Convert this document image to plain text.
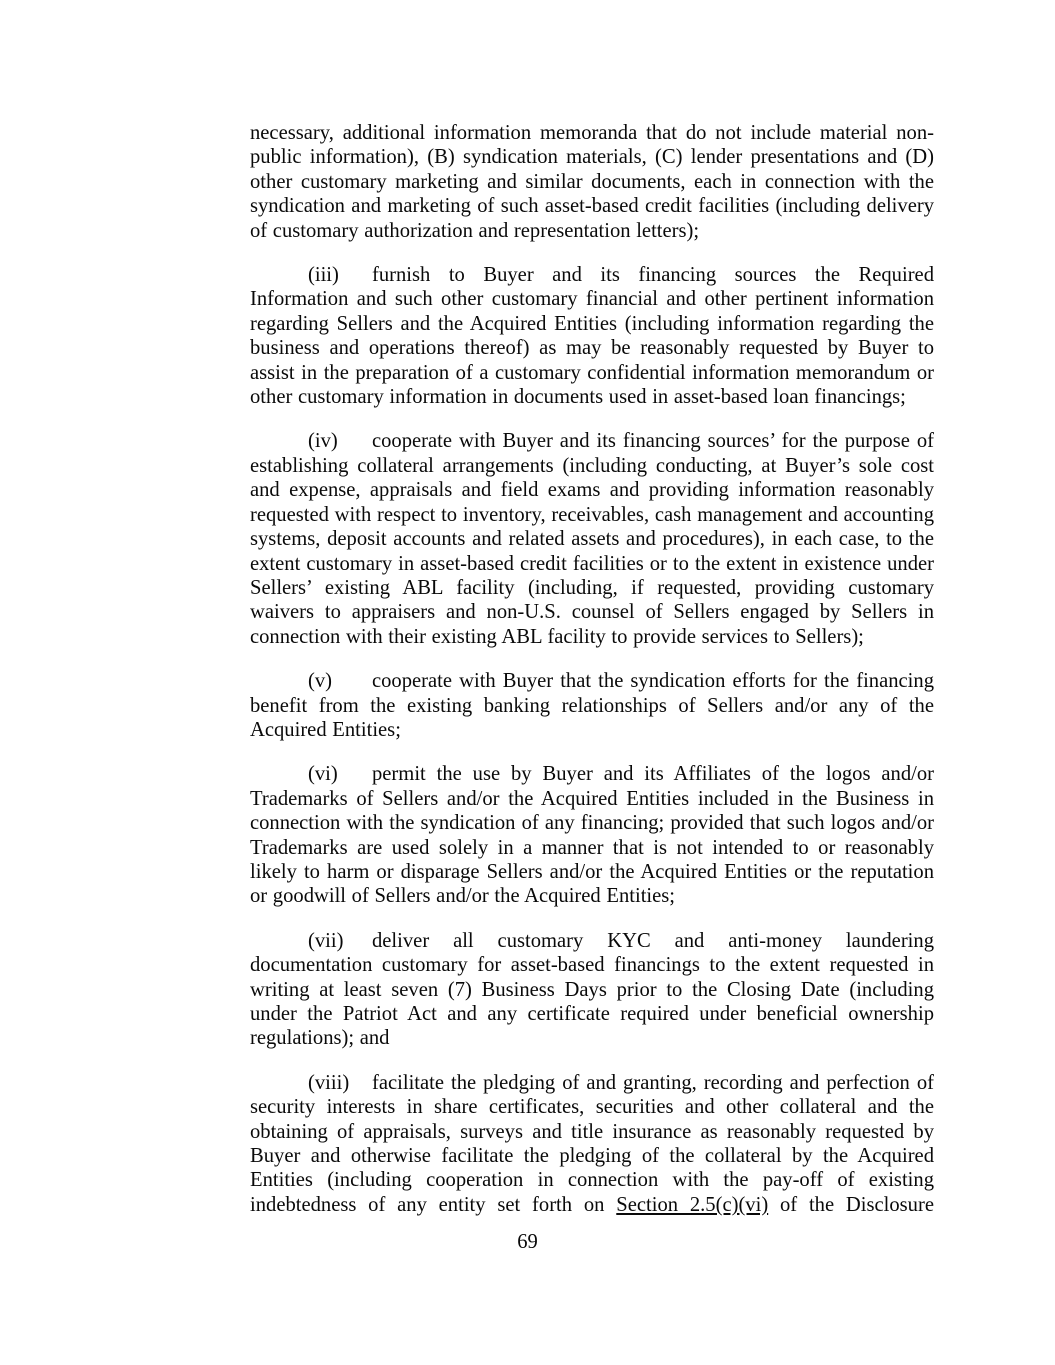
necessary, additional information memoranda that do not include material non-public information), (B) syndication materials, (C) lender presentations and (D) other customary marketing and similar documents, each in connection with the syndication and marketing of such asset-based credit facilities (including delivery of customary authorization and representation letters);

(iii) furnish to Buyer and its financing sources the Required Information and such other customary financial and other pertinent information regarding Sellers and the Acquired Entities (including information regarding the business and operations thereof) as may be reasonably requested by Buyer to assist in the preparation of a customary confidential information memorandum or other customary information in documents used in asset-based loan financings;

(iv) cooperate with Buyer and its financing sources’ for the purpose of establishing collateral arrangements (including conducting, at Buyer’s sole cost and expense, appraisals and field exams and providing information reasonably requested with respect to inventory, receivables, cash management and accounting systems, deposit accounts and related assets and procedures), in each case, to the extent customary in asset-based credit facilities or to the extent in existence under Sellers’ existing ABL facility (including, if requested, providing customary waivers to appraisers and non-U.S. counsel of Sellers engaged by Sellers in connection with their existing ABL facility to provide services to Sellers);

(v) cooperate with Buyer that the syndication efforts for the financing benefit from the existing banking relationships of Sellers and/or any of the Acquired Entities;

(vi) permit the use by Buyer and its Affiliates of the logos and/or Trademarks of Sellers and/or the Acquired Entities included in the Business in connection with the syndication of any financing; provided that such logos and/or Trademarks are used solely in a manner that is not intended to or reasonably likely to harm or disparage Sellers and/or the Acquired Entities or the reputation or goodwill of Sellers and/or the Acquired Entities;

(vii) deliver all customary KYC and anti-money laundering documentation customary for asset-based financings to the extent requested in writing at least seven (7) Business Days prior to the Closing Date (including under the Patriot Act and any certificate required under beneficial ownership regulations); and

(viii) facilitate the pledging of and granting, recording and perfection of security interests in share certificates, securities and other collateral and the obtaining of appraisals, surveys and title insurance as reasonably requested by Buyer and otherwise facilitate the pledging of the collateral by the Acquired Entities (including cooperation in connection with the pay-off of existing indebtedness of any entity set forth on Section 2.5(c)(vi) of the Disclosure

69
